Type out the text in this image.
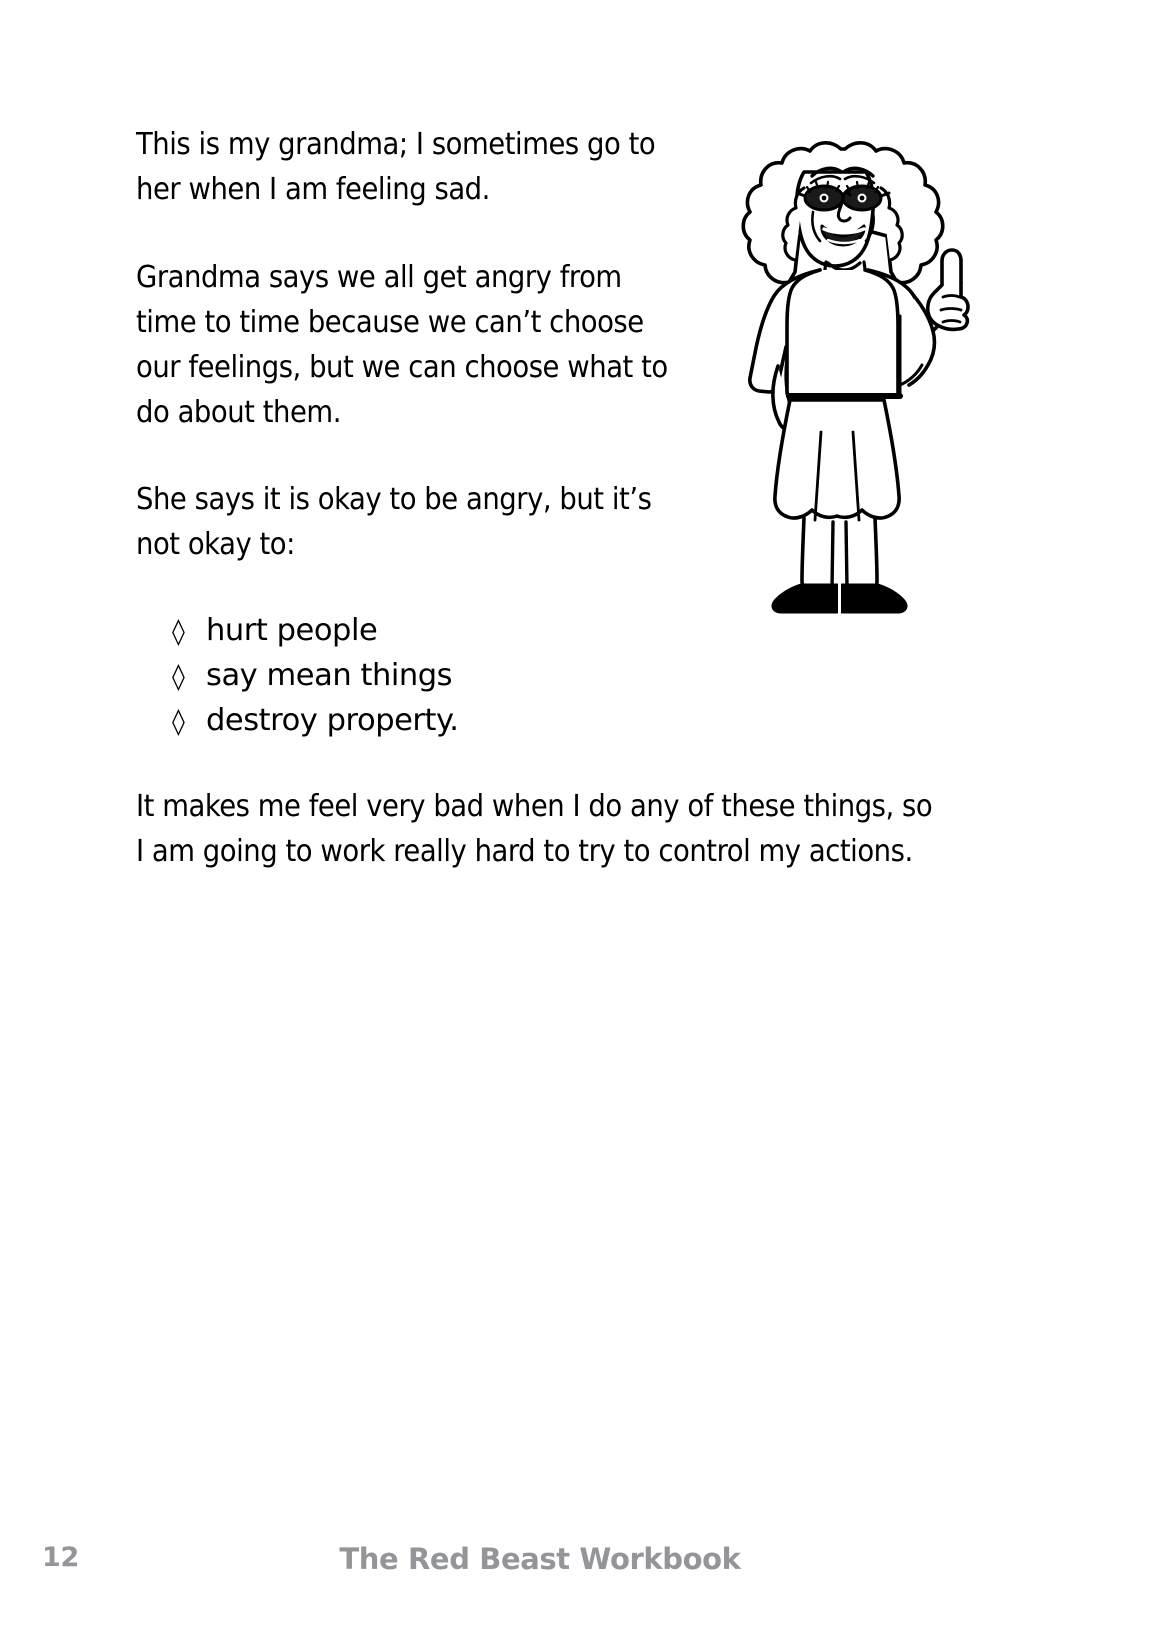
This is my grandma; I sometimes go to her when I am feeling sad.

Grandma says we all get angry from time to time because we can’t choose our feelings, but we can choose what to do about them.

She says it is okay to be angry, but it’s not okay to:

◊ hurt people
◊ say mean things
◊ destroy property.

It makes me feel very bad when I do any of these things, so I am going to work really hard to try to control my actions.

12	The Red Beast Workbook
